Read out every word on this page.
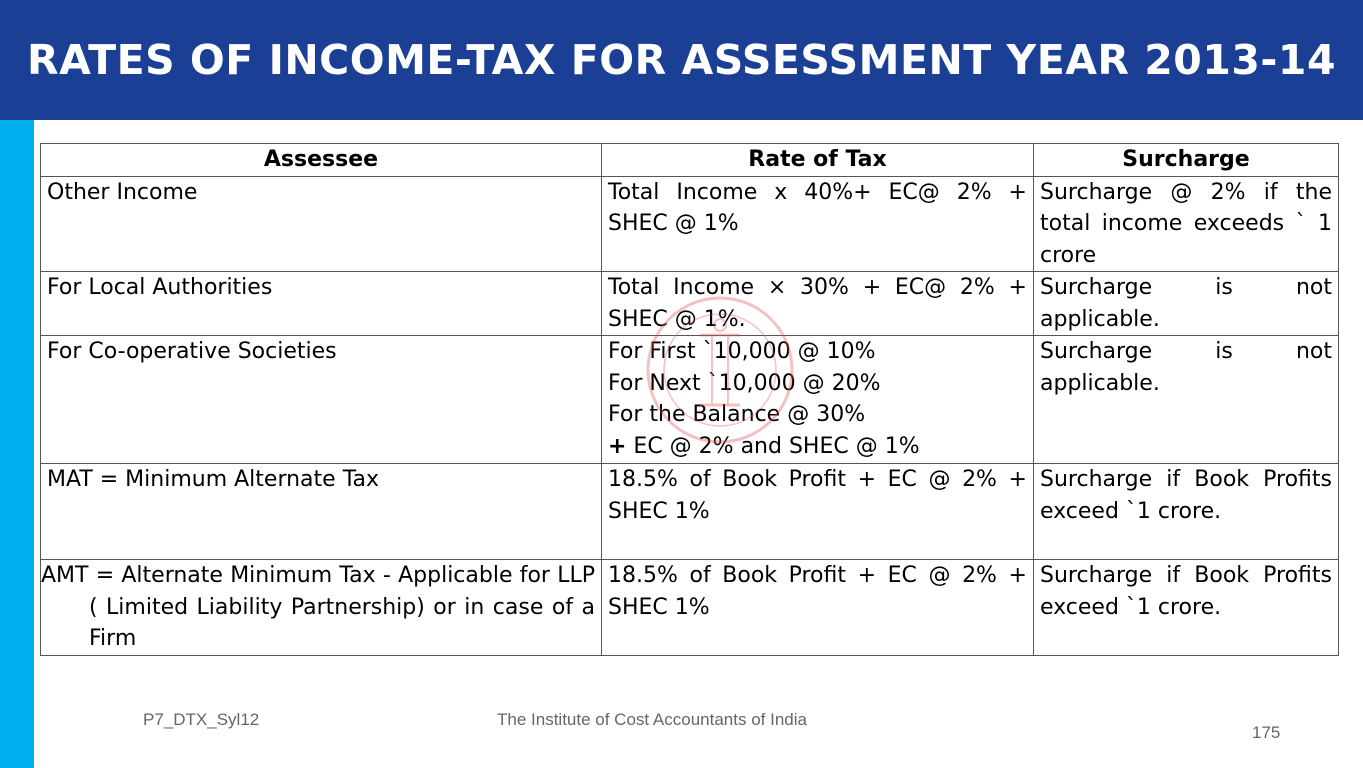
RATES OF INCOME-TAX FOR ASSESSMENT YEAR 2013-14
Assessee	Rate of Tax	Surcharge
Other Income	Total Income x 40%+ EC@ 2% + SHEC @ 1%	Surcharge @ 2% if the total income exceeds ` 1 crore
For Local Authorities	Total Income × 30% + EC@ 2% + SHEC @ 1%.	Surcharge is not applicable.
For Co-operative Societies	For First `10,000 @ 10%
For Next `10,000 @ 20%
For the Balance @ 30%
+ EC @ 2% and SHEC @ 1%	Surcharge is not applicable.
MAT = Minimum Alternate Tax	18.5% of Book Profit + EC @ 2% + SHEC 1%	Surcharge if Book Profits exceed `1 crore.
AMT = Alternate Minimum Tax - Applicable for LLP ( Limited Liability Partnership) or in case of a Firm	18.5% of Book Profit + EC @ 2% + SHEC 1%	Surcharge if Book Profits exceed `1 crore.
P7_DTX_Syl12	The Institute of Cost Accountants of India
175
